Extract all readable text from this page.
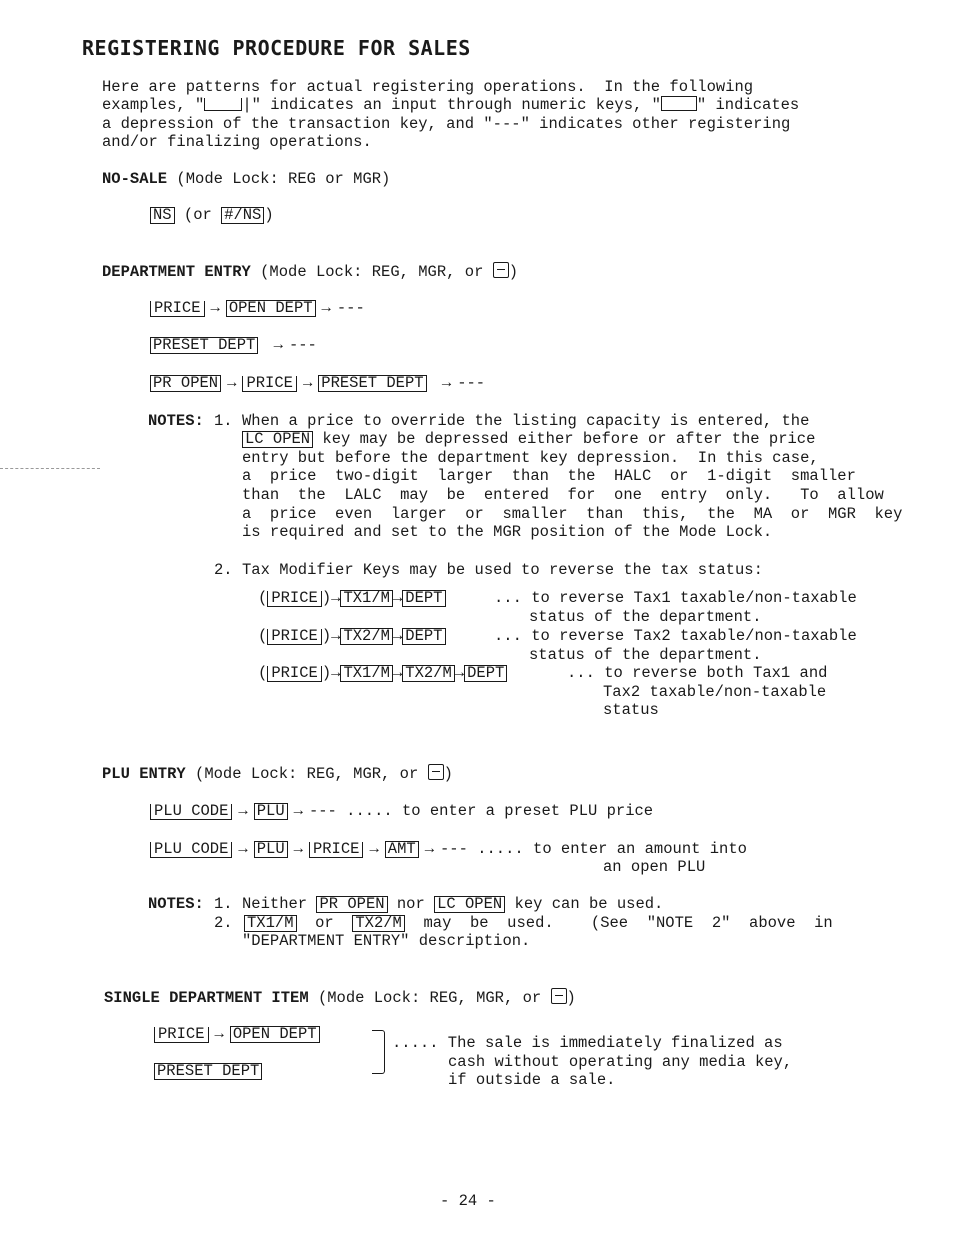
REGISTERING PROCEDURE FOR SALES
Here are patterns for actual registering operations.  In the following
examples, " |" indicates an input through numeric keys, " " indicates
a depression of the transaction key, and "---" indicates other registering
and/or finalizing operations.
NO-SALE (Mode Lock: REG or MGR)
NS (or #/NS )
DEPARTMENT ENTRY (Mode Lock: REG, MGR, or )
PRICE → OPEN DEPT → ---
PRESET DEPT → ---
PR OPEN → PRICE → PRESET DEPT → ---
NOTES: 1. When a price to override the listing capacity is entered, the
LC OPEN key may be depressed either before or after the price
entry but before the department key depression.  In this case,
a  price  two-digit  larger  than  the  HALC  or  1-digit  smaller
than  the  LALC  may  be  entered  for  one  entry  only.   To  allow
a  price  even  larger  or  smaller  than  this,  the  MA  or  MGR  key
is required and set to the MGR position of the Mode Lock.
2. Tax Modifier Keys may be used to reverse the tax status:
( PRICE )→ TX1/M → DEPT	... to reverse Tax1 taxable/non-taxable
status of the department.
( PRICE )→ TX2/M → DEPT	... to reverse Tax2 taxable/non-taxable
status of the department.
( PRICE )→ TX1/M → TX2/M → DEPT	... to reverse both Tax1 and
Tax2 taxable/non-taxable
status
PLU ENTRY (Mode Lock: REG, MGR, or )
PLU CODE → PLU → --- ..... to enter a preset PLU price
PLU CODE → PLU → PRICE → AMT → --- ..... to enter an amount into
an open PLU
NOTES: 1. Neither PR OPEN nor LC OPEN key can be used.
2. TX1/M or TX2/M may  be  used.    (See  "NOTE  2"  above  in
"DEPARTMENT ENTRY" description.
SINGLE DEPARTMENT ITEM (Mode Lock: REG, MGR, or )
PRICE → OPEN DEPT
PRESET DEPT
..... The sale is immediately finalized as
cash without operating any media key,
if outside a sale.
- 24 -
